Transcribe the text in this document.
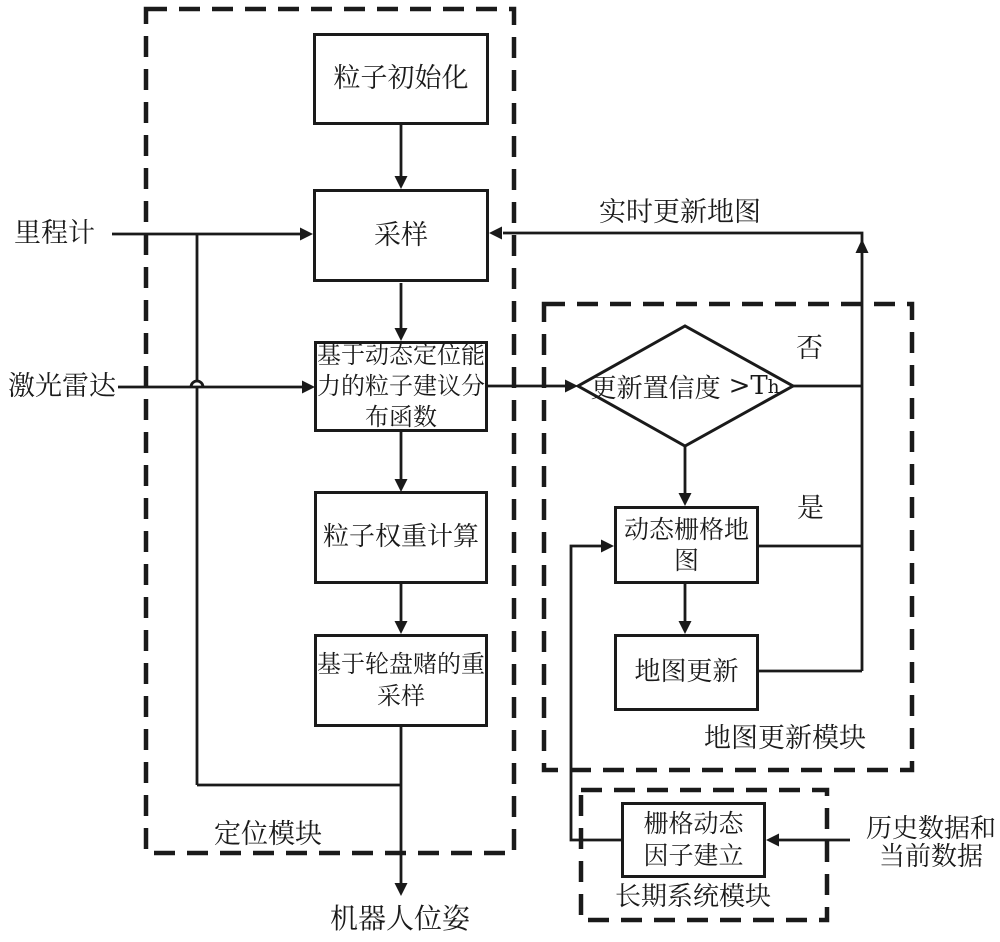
粒子初始化
采样
基于动态定位能
力的粒子建议分
布函数
粒子权重计算
基于轮盘赌的重
采样
动态栅格地
图
地图更新
栅格动态
因子建立
更新置信度 $>T_h$
里程计
激光雷达
历史数据和
当前数据
机器人位姿
实时更新地图
否
是
定位模块
地图更新模块
长期系统模块
